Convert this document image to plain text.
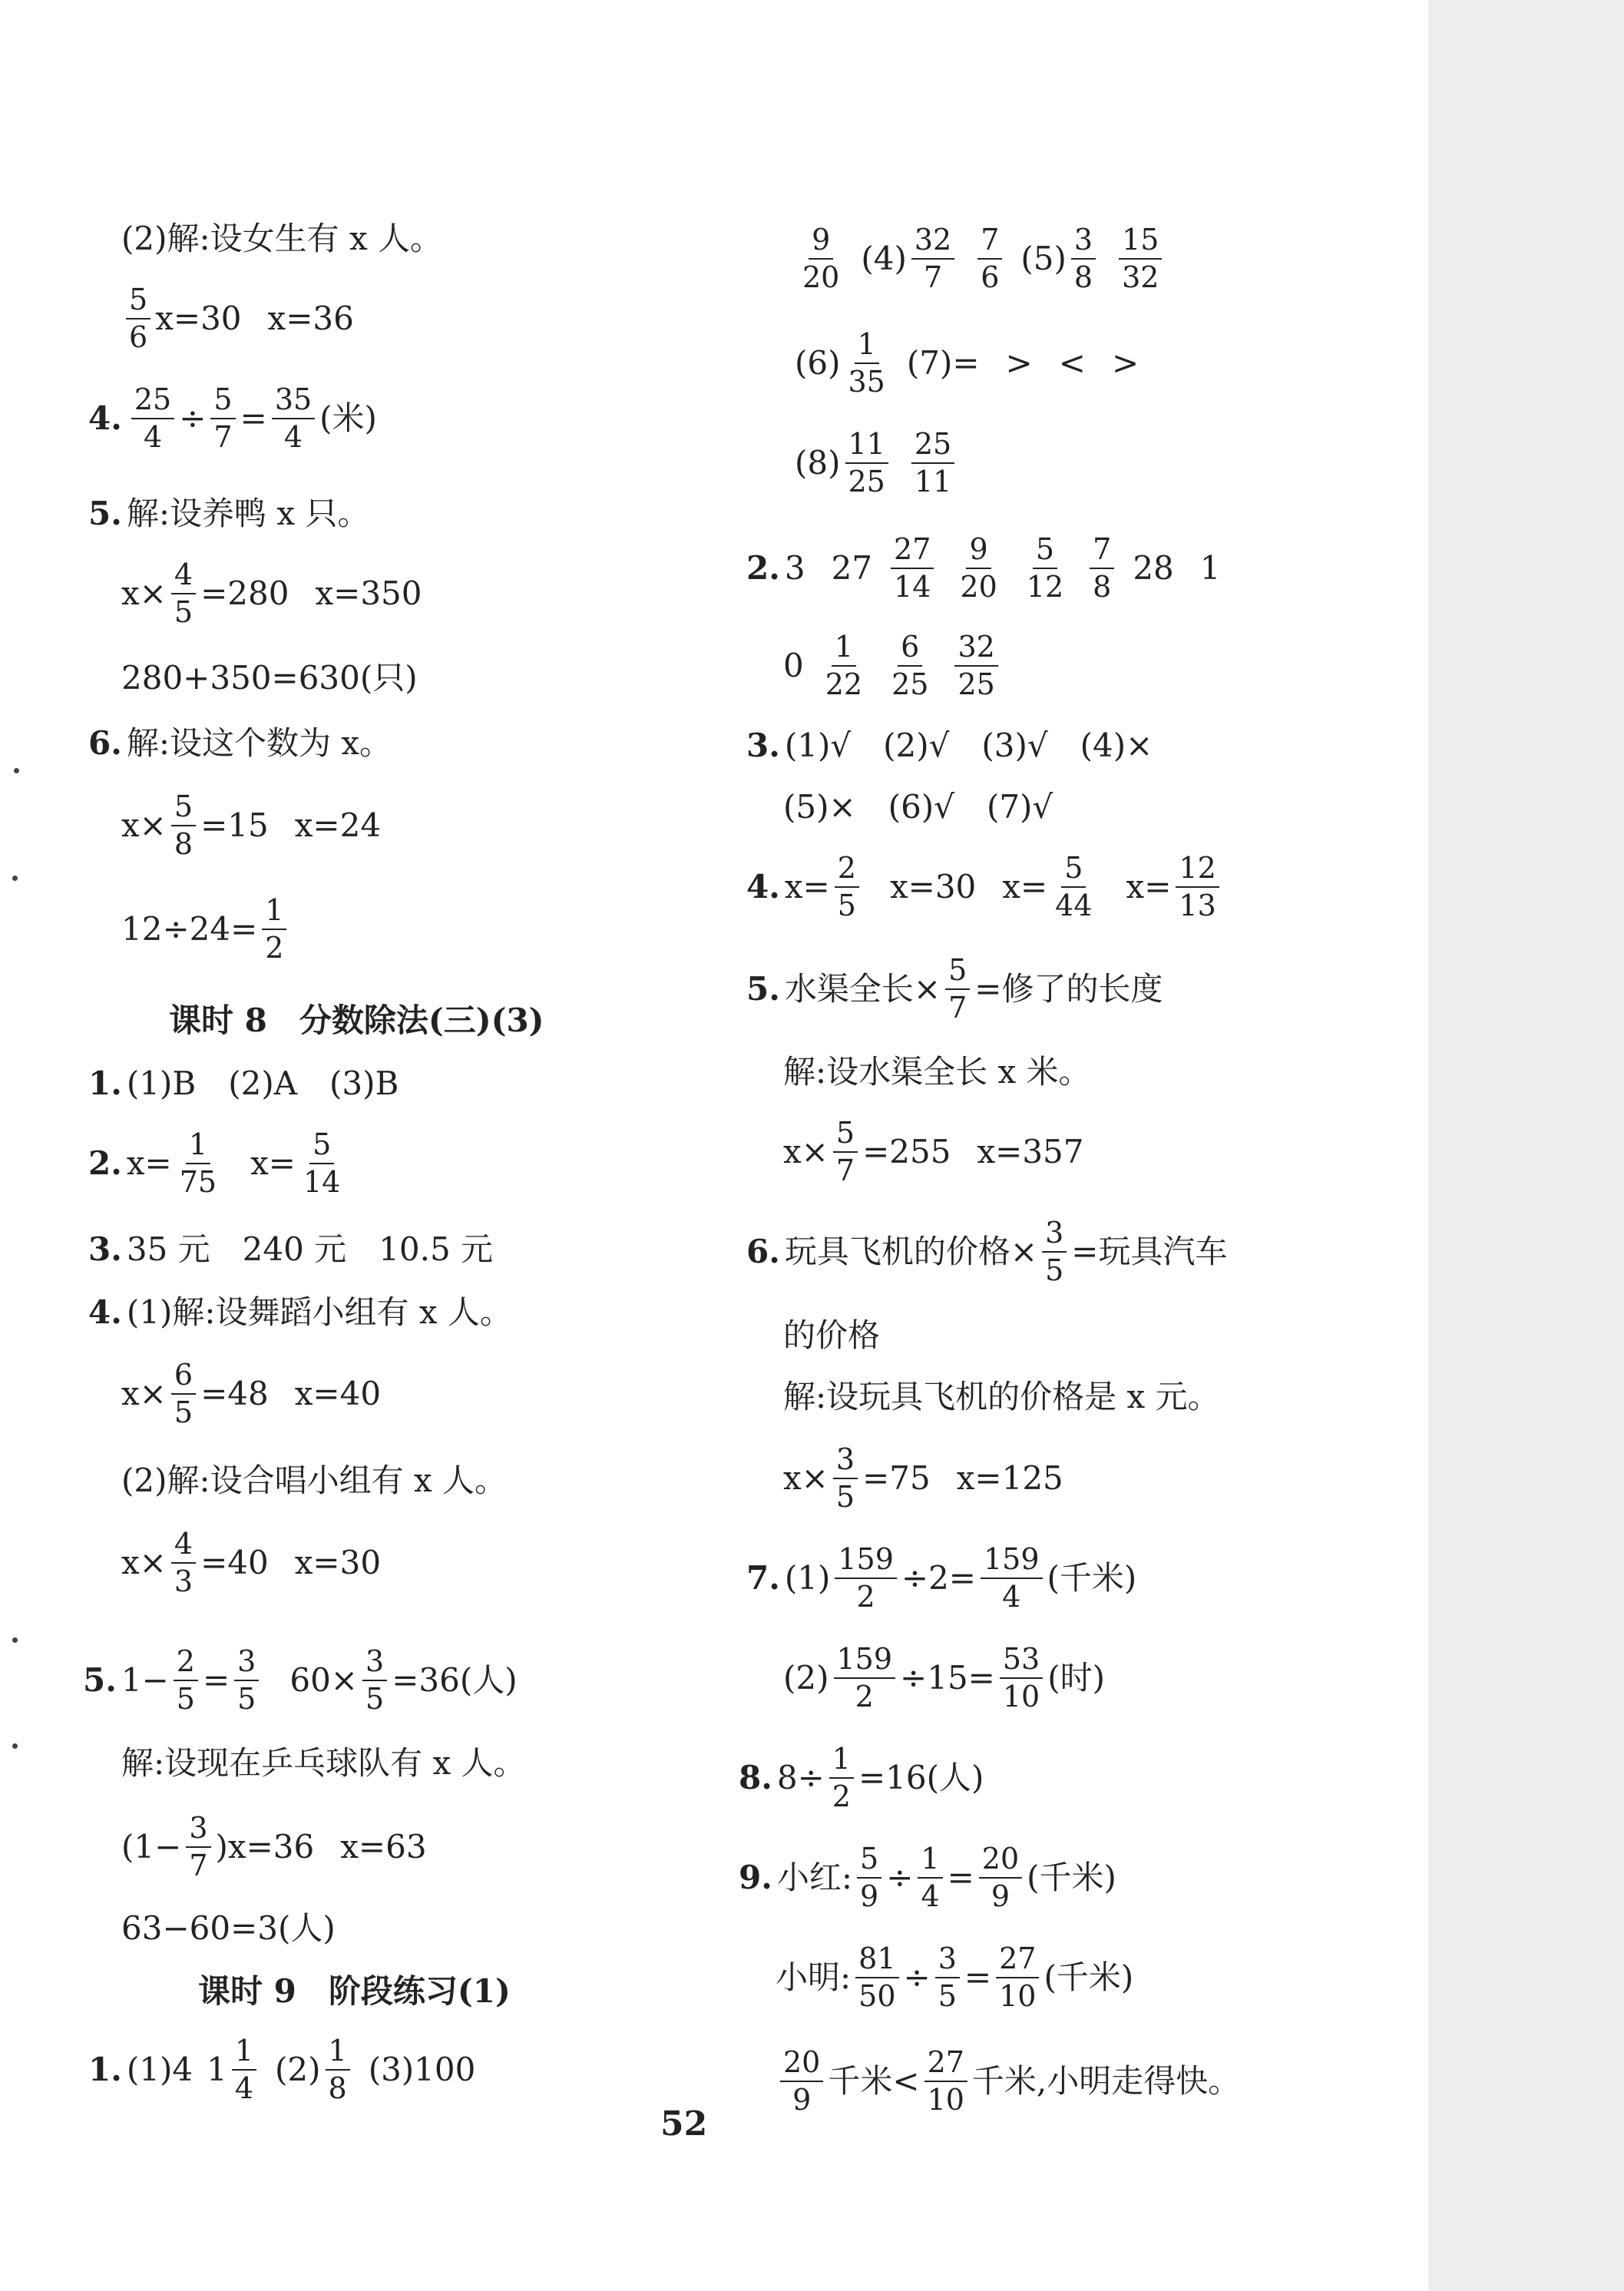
(2)解:设女生有 x 人。
$\frac{5}{6} x=30$ x=36
4. $\frac{25}{4} \div \frac{5}{7} = \frac{35}{4}$ (米)
5. 解:设养鸭 x 只。
$x\times \frac{4}{5} =280$ x=350
280+350=630(只)
6. 解:设这个数为 x。
$x\times \frac{5}{8} =15$ x=24
$12\div 24= \frac{1}{2}$
课时 8　分数除法(三)(3)
1. (1)B　(2)A　(3)B
2. $x= \frac{1}{75} x= \frac{5}{14}$
3. 35 元　240 元　10.5 元
4. (1)解:设舞蹈小组有 x 人。
$x\times \frac{6}{5} =48$ x=40
(2)解:设合唱小组有 x 人。
$x\times \frac{4}{3} =40$ x=30
5. $1- \frac{2}{5} = \frac{3}{5} 60\times \frac{3}{5} =36$(人)
解:设现在乒乓球队有 x 人。
$(1- \frac{3}{7} )x=36$ x=63
63−60=3(人)
课时 9　阶段练习(1)
1. (1)4 $1 \frac{1}{4} (2) \frac{1}{8} (3)100$
$\frac{9}{20} (4) \frac{32}{7} \frac{7}{6} (5) \frac{3}{8} \frac{15}{32}$
$(6) \frac{1}{35} (7)=$ > < >
$(8) \frac{11}{25} \frac{25}{11}$
2. 3 $27 \frac{27}{14} \frac{9}{20} \frac{5}{12} \frac{7}{8} 28$ 1
$0 \frac{1}{22} \frac{6}{25} \frac{32}{25}$
3. (1)√　(2)√　(3)√　(4)×
(5)×　(6)√　(7)√
4. $x= \frac{2}{5} x=30$ $x= \frac{5}{44} x= \frac{12}{13}$
5. 水渠全长× $\frac{5}{7}$ =修了的长度
解:设水渠全长 x 米。
$x\times \frac{5}{7} =255$ x=357
6. 玩具飞机的价格× $\frac{3}{5}$ =玩具汽车
的价格
解:设玩具飞机的价格是 x 元。
$x\times \frac{3}{5} =75$ x=125
7. $(1) \frac{159}{2} \div 2= \frac{159}{4}$ (千米)
$(2) \frac{159}{2} \div 15= \frac{53}{10}$ (时)
8. $8\div \frac{1}{2} =16$(人)
9. 小红: $\frac{5}{9} \div \frac{1}{4} = \frac{20}{9}$ (千米)
小明: $\frac{81}{50} \div \frac{3}{5} = \frac{27}{10}$ (千米)
$\frac{20}{9}$ 千米< $\frac{27}{10}$ 千米,小明走得快。
52
